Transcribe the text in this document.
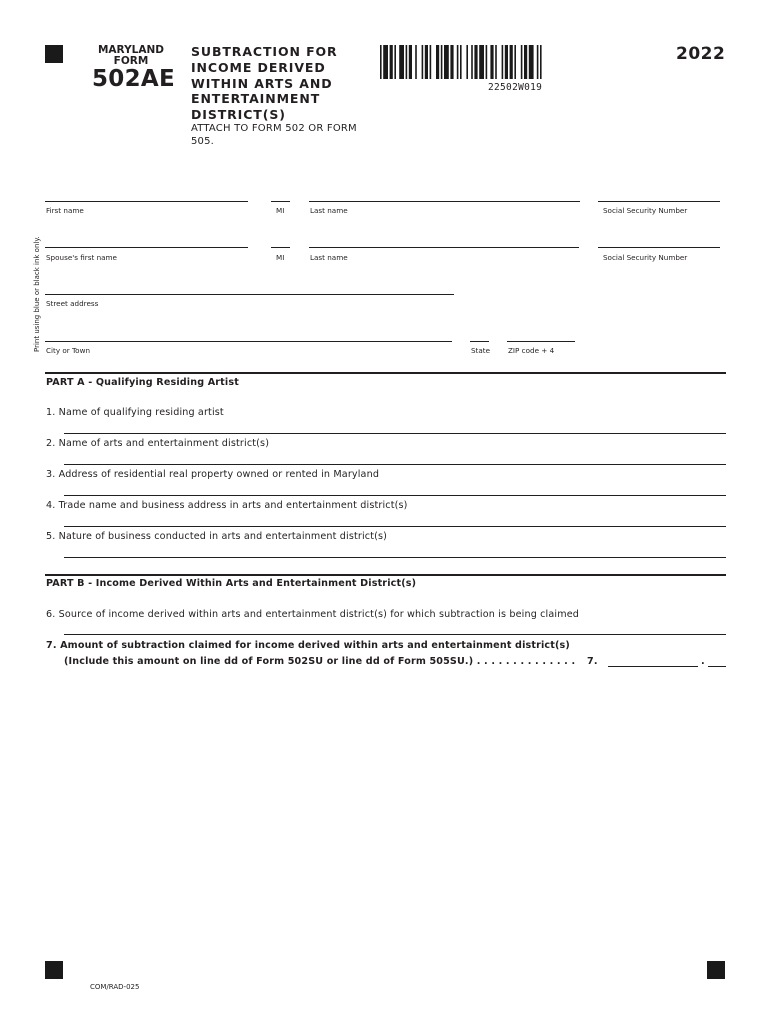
MARYLAND
FORM
502AE
SUBTRACTION FOR
INCOME DERIVED
WITHIN ARTS AND
ENTERTAINMENT
DISTRICT(S)
ATTACH TO FORM 502 OR FORM
505.
22502W019
2022
Print using blue or black ink only.
First name	MI	Last name	Social Security Number
Spouse's first name	MI	Last name	Social Security Number
Street address
City or Town	State ZIP code + 4
PART A - Qualifying Residing Artist
1. Name of qualifying residing artist
2. Name of arts and entertainment district(s)
3. Address of residential real property owned or rented in Maryland
4. Trade name and business address in arts and entertainment district(s)
5. Nature of business conducted in arts and entertainment district(s)
PART B - Income Derived Within Arts and Entertainment District(s)
6. Source of income derived within arts and entertainment district(s) for which subtraction is being claimed
7. Amount of subtraction claimed for income derived within arts and entertainment district(s)
(Include this amount on line dd of Form 502SU or line dd of Form 505SU.) . . . . . . . . . . . . . . 7.	.
COM/RAD-025
